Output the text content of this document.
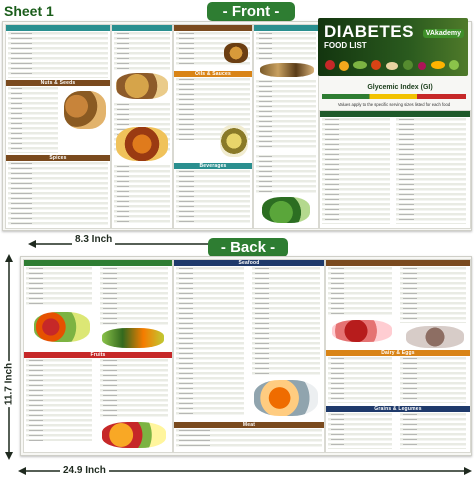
Sheet 1	- Front -
Nuts & Seeds
Spices
Oils & Sauces
Beverages
DIABETES
FOOD LIST
VAkademy
Glycemic Index (GI)
Values apply to the specific serving sizes listed for each food
8.3 Inch	- Back -
11.7 Inch
Fruits
Seafood
Meat
Dairy & Eggs
Grains & Legumes
24.9 Inch
